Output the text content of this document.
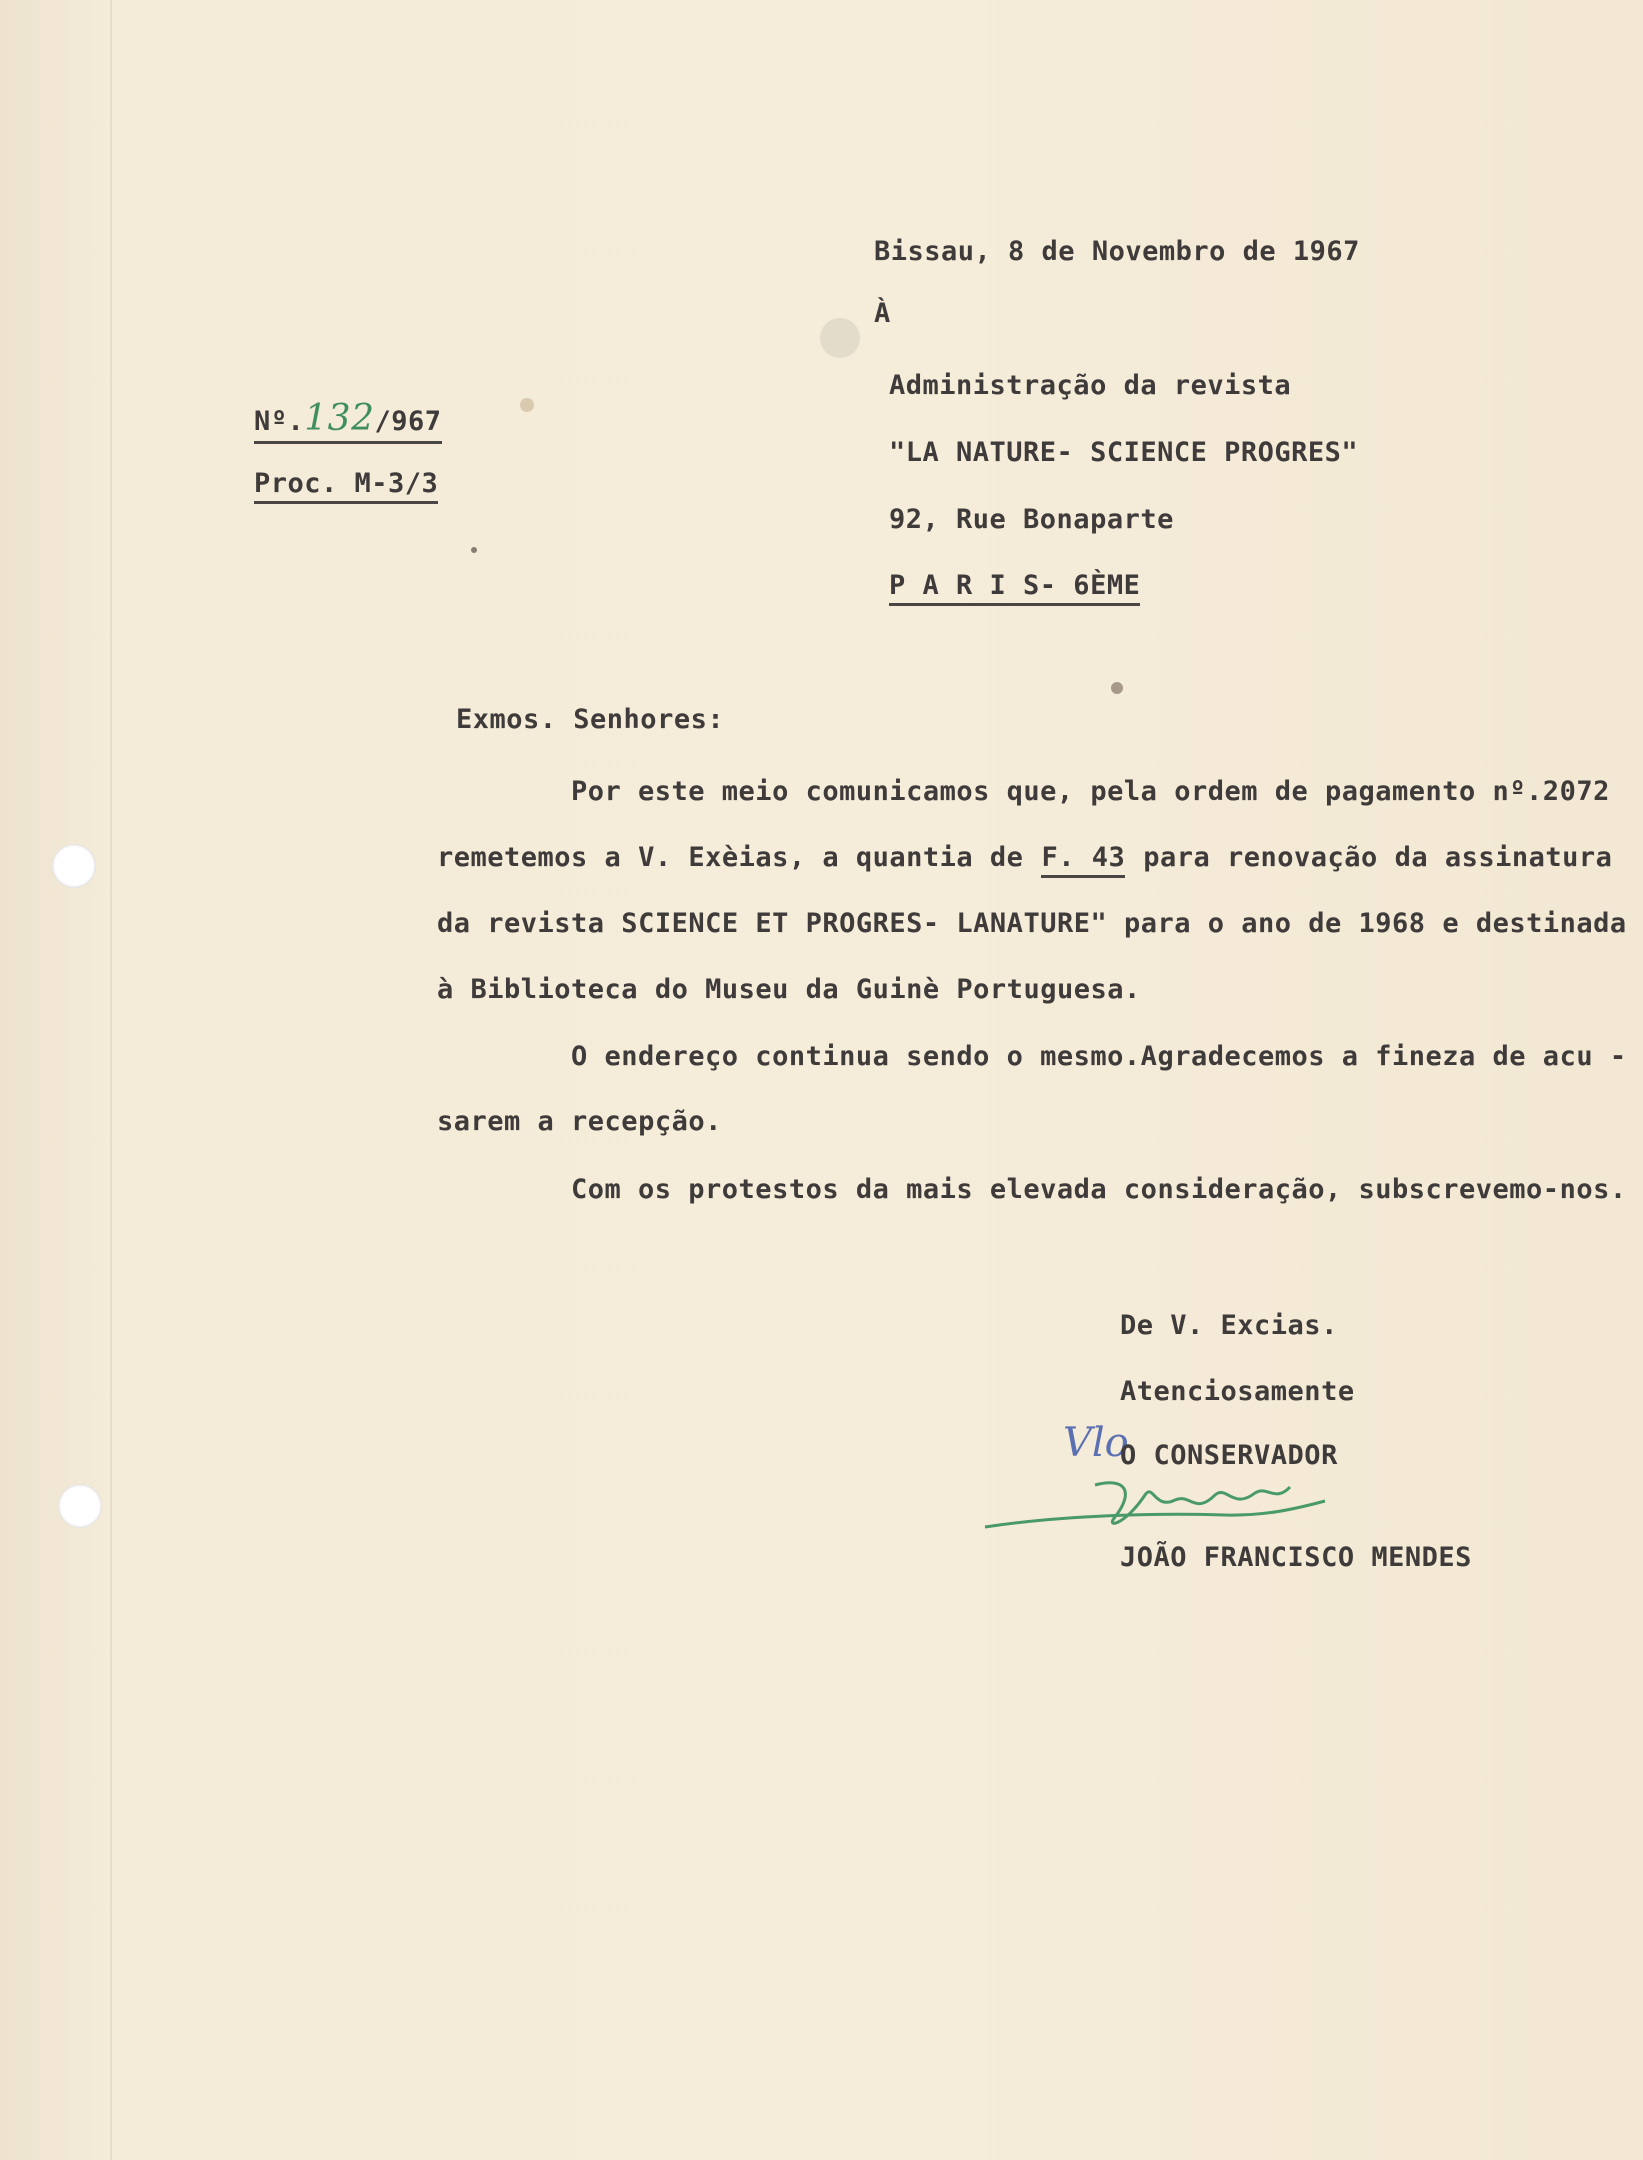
Bissau, 8 de Novembro de 1967
À
Nº.132/967
Proc. M-3/3
Administração da revista
"LA NATURE- SCIENCE PROGRES"
92, Rue Bonaparte
P A R I S- 6ÈME
Exmos. Senhores:
Por este meio comunicamos que, pela ordem de pagamento nº.2072
remetemos a V. Exèias, a quantia de F. 43 para renovação da assinatura
da revista SCIENCE ET PROGRES- LANATURE" para o ano de 1968 e destinada
à Biblioteca do Museu da Guinè Portuguesa.
O endereço continua sendo o mesmo.Agradecemos a fineza de acu -
sarem a recepção.
Com os protestos da mais elevada consideração, subscrevemo-nos.
De V. Excias.
Atenciosamente
Vlo
O CONSERVADOR
JOÃO FRANCISCO MENDES
